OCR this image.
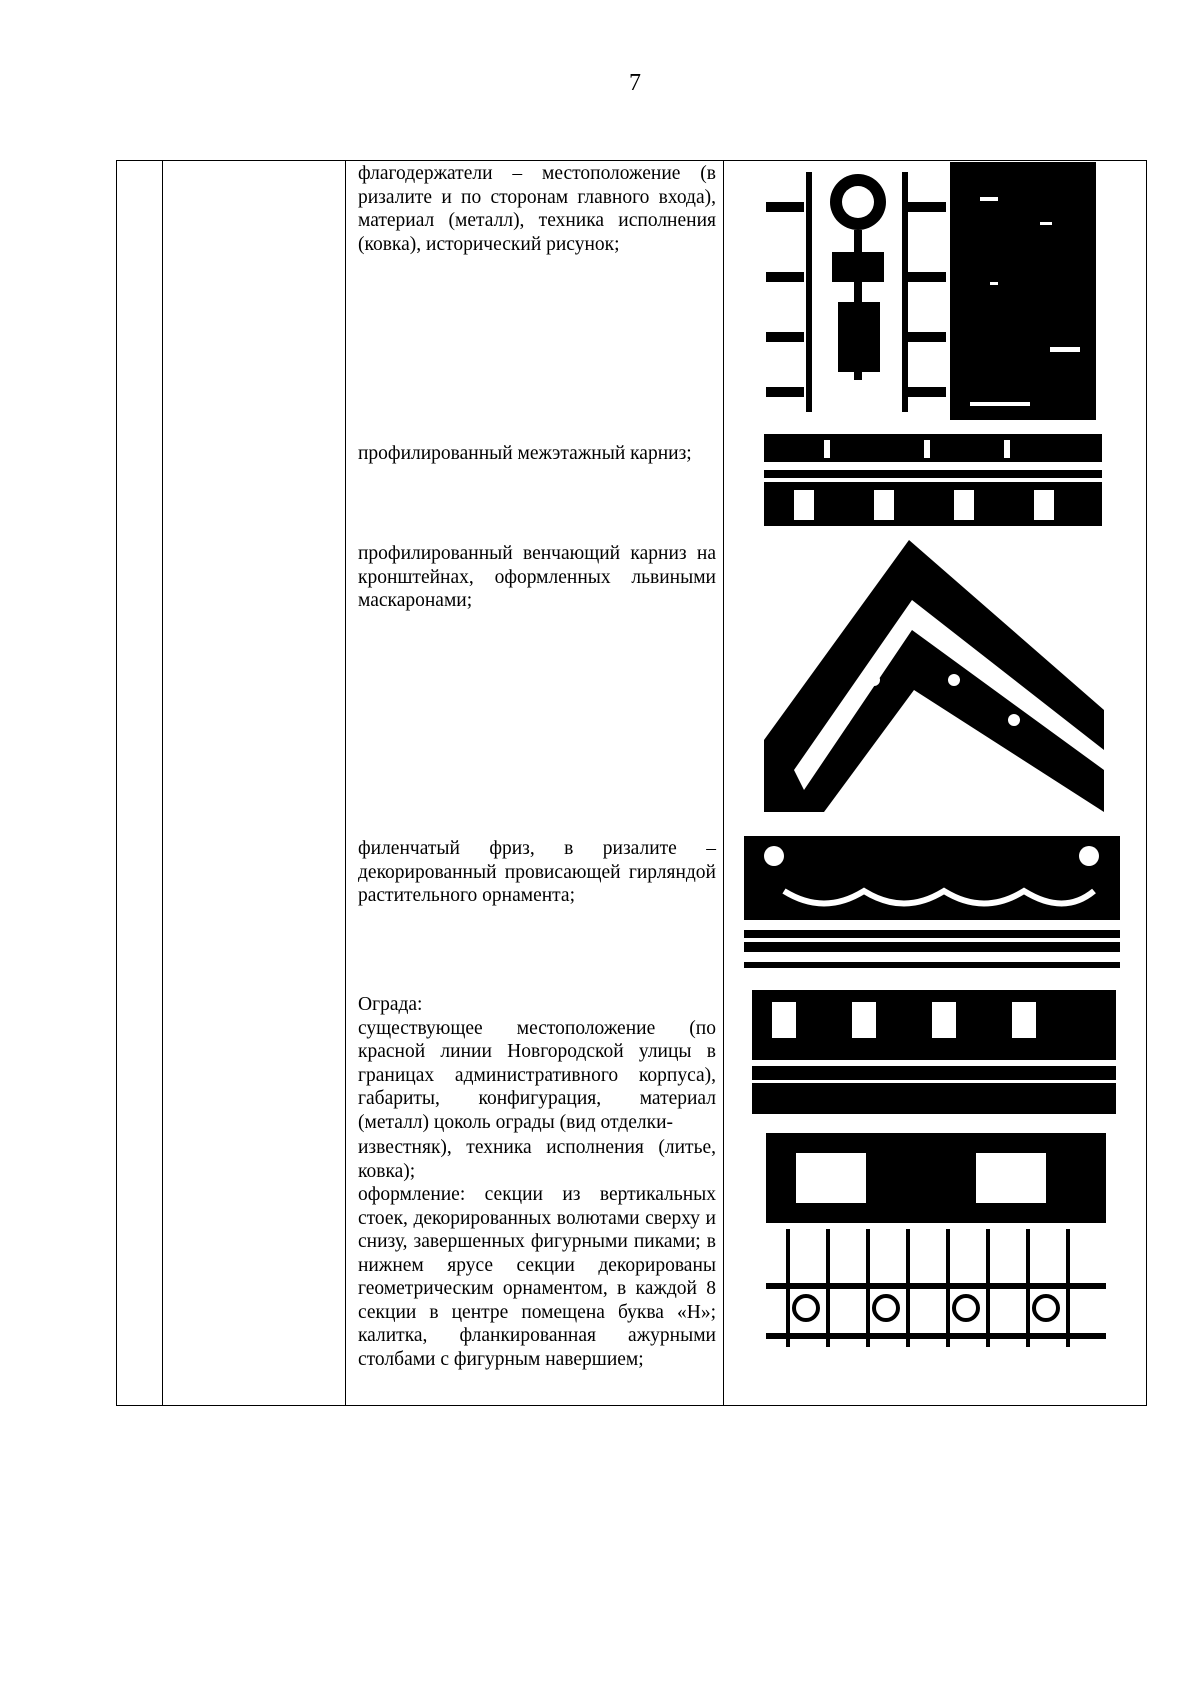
7

флагодержатели – местоположение (в ризалите и по сторонам главного входа), материал (металл), техника исполнения (ковка), исторический рисунок;

профилированный межэтажный карниз;

профилированный венчающий карниз на кронштейнах, оформленных львиными маскаронами;

филенчатый фриз, в ризалите – декорированный провисающей гирляндой растительного орнамента;

Ограда:

существующее местоположение (по красной линии Новгородской улицы в границах административного корпуса), габариты, конфигурация, материал (металл) цоколь ограды (вид отделки-

известняк), техника исполнения (литье, ковка);

оформление: секции из вертикальных стоек, декорированных волютами сверху и снизу, завершенных фигурными пиками; в нижнем ярусе секции декорированы геометрическим орнаментом, в каждой 8 секции в центре помещена буква «Н»; калитка, фланкированная ажурными столбами с фигурным навершием;
